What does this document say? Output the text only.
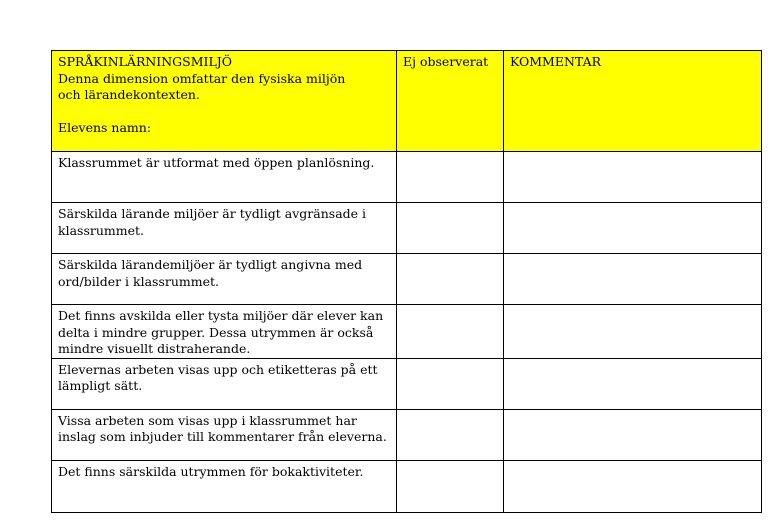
SPRÅKINLÄRNINGSMILJÖ
Denna dimension omfattar den fysiska miljön och lärandekontexten.
Elevens namn:	Ej observerat	KOMMENTAR
Klassrummet är utformat med öppen planlösning.		
Särskilda lärande miljöer är tydligt avgränsade i klassrummet.		
Särskilda lärandemiljöer är tydligt angivna med ord/bilder i klassrummet.		
Det finns avskilda eller tysta miljöer där elever kan delta i mindre grupper. Dessa utrymmen är också mindre visuellt distraherande.		
Elevernas arbeten visas upp och etiketteras på ett lämpligt sätt.		
Vissa arbeten som visas upp i klassrummet har inslag som inbjuder till kommentarer från eleverna.		
Det finns särskilda utrymmen för bokaktiviteter.		
